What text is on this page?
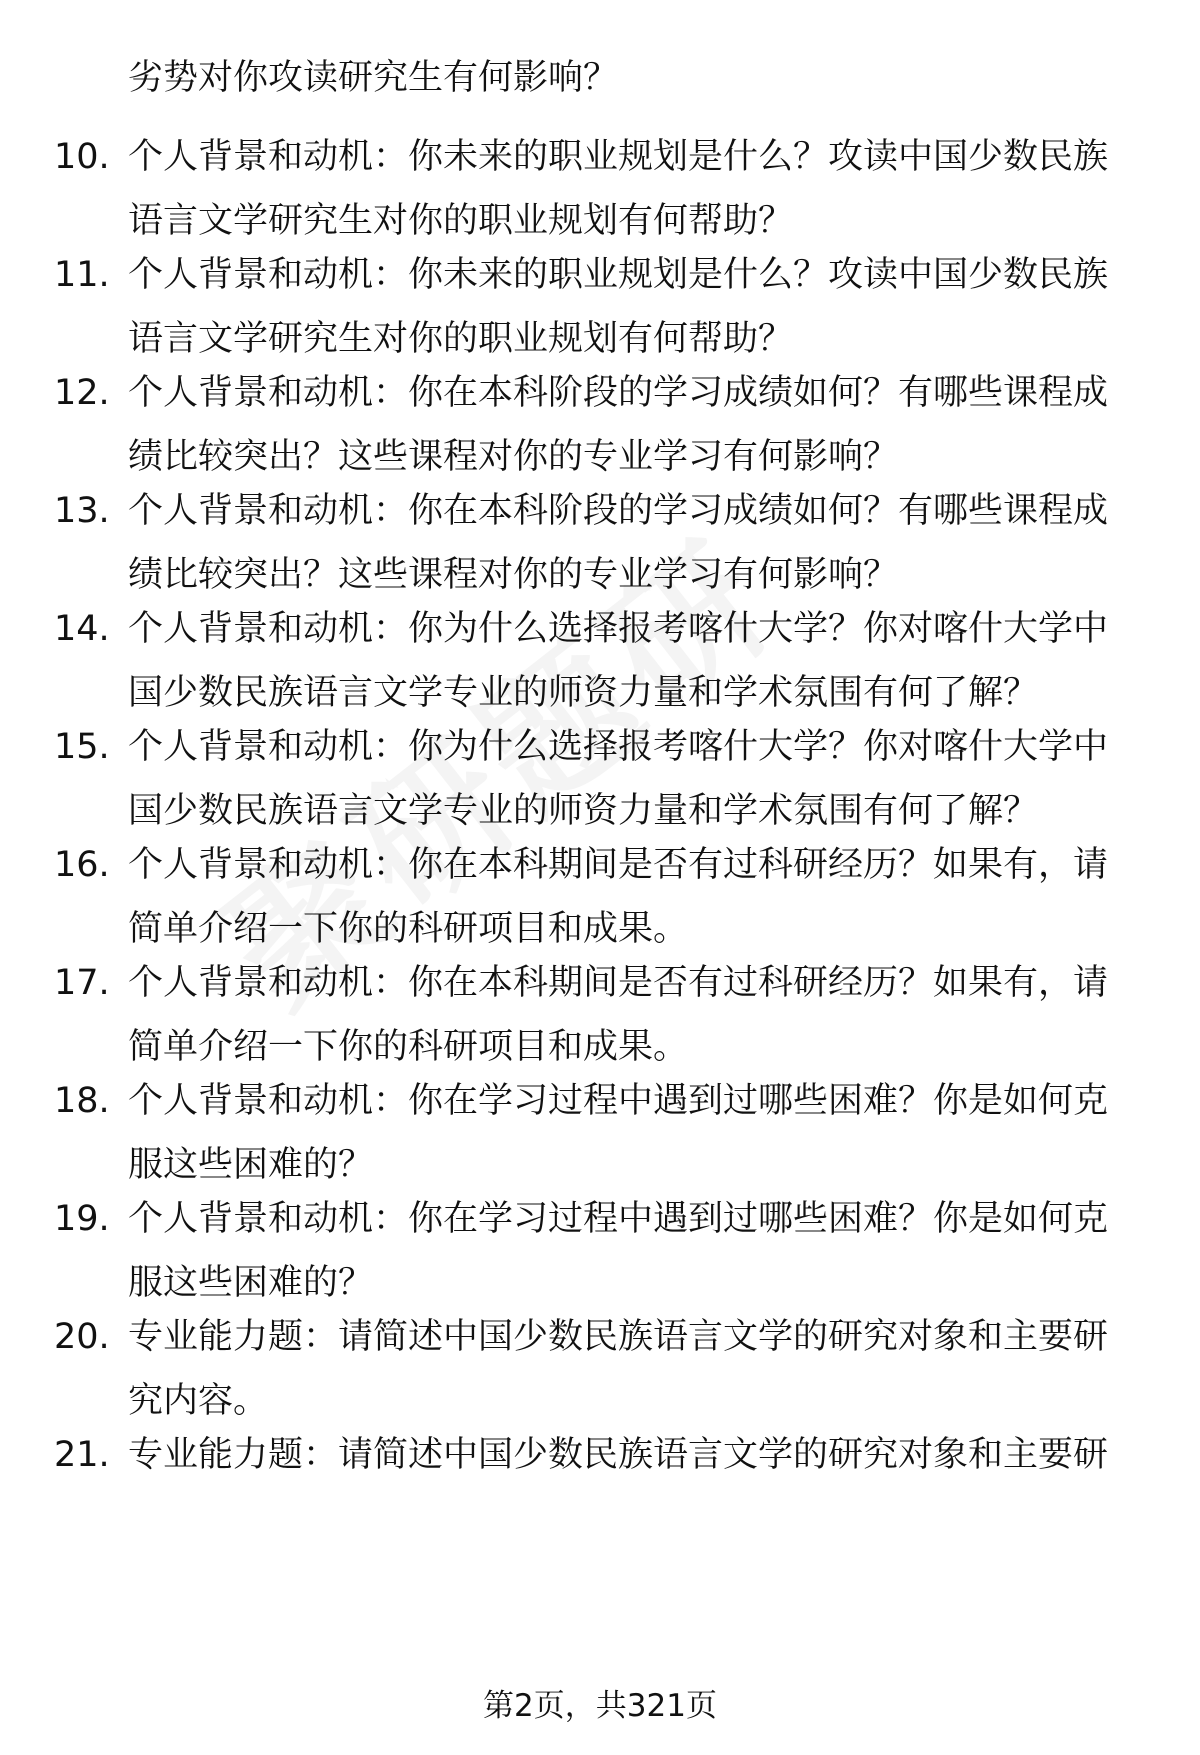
劣势对你攻读研究生有何影响？
10. 个人背景和动机：你未来的职业规划是什么？攻读中国少数民族语言文学研究生对你的职业规划有何帮助？
11. 个人背景和动机：你未来的职业规划是什么？攻读中国少数民族语言文学研究生对你的职业规划有何帮助？
12. 个人背景和动机：你在本科阶段的学习成绩如何？有哪些课程成绩比较突出？这些课程对你的专业学习有何影响？
13. 个人背景和动机：你在本科阶段的学习成绩如何？有哪些课程成绩比较突出？这些课程对你的专业学习有何影响？
14. 个人背景和动机：你为什么选择报考喀什大学？你对喀什大学中国少数民族语言文学专业的师资力量和学术氛围有何了解？
15. 个人背景和动机：你为什么选择报考喀什大学？你对喀什大学中国少数民族语言文学专业的师资力量和学术氛围有何了解？
16. 个人背景和动机：你在本科期间是否有过科研经历？如果有，请简单介绍一下你的科研项目和成果。
17. 个人背景和动机：你在本科期间是否有过科研经历？如果有，请简单介绍一下你的科研项目和成果。
18. 个人背景和动机：你在学习过程中遇到过哪些困难？你是如何克服这些困难的？
19. 个人背景和动机：你在学习过程中遇到过哪些困难？你是如何克服这些困难的？
20. 专业能力题：请简述中国少数民族语言文学的研究对象和主要研究内容。
21. 专业能力题：请简述中国少数民族语言文学的研究对象和主要研
第2页，共321页
